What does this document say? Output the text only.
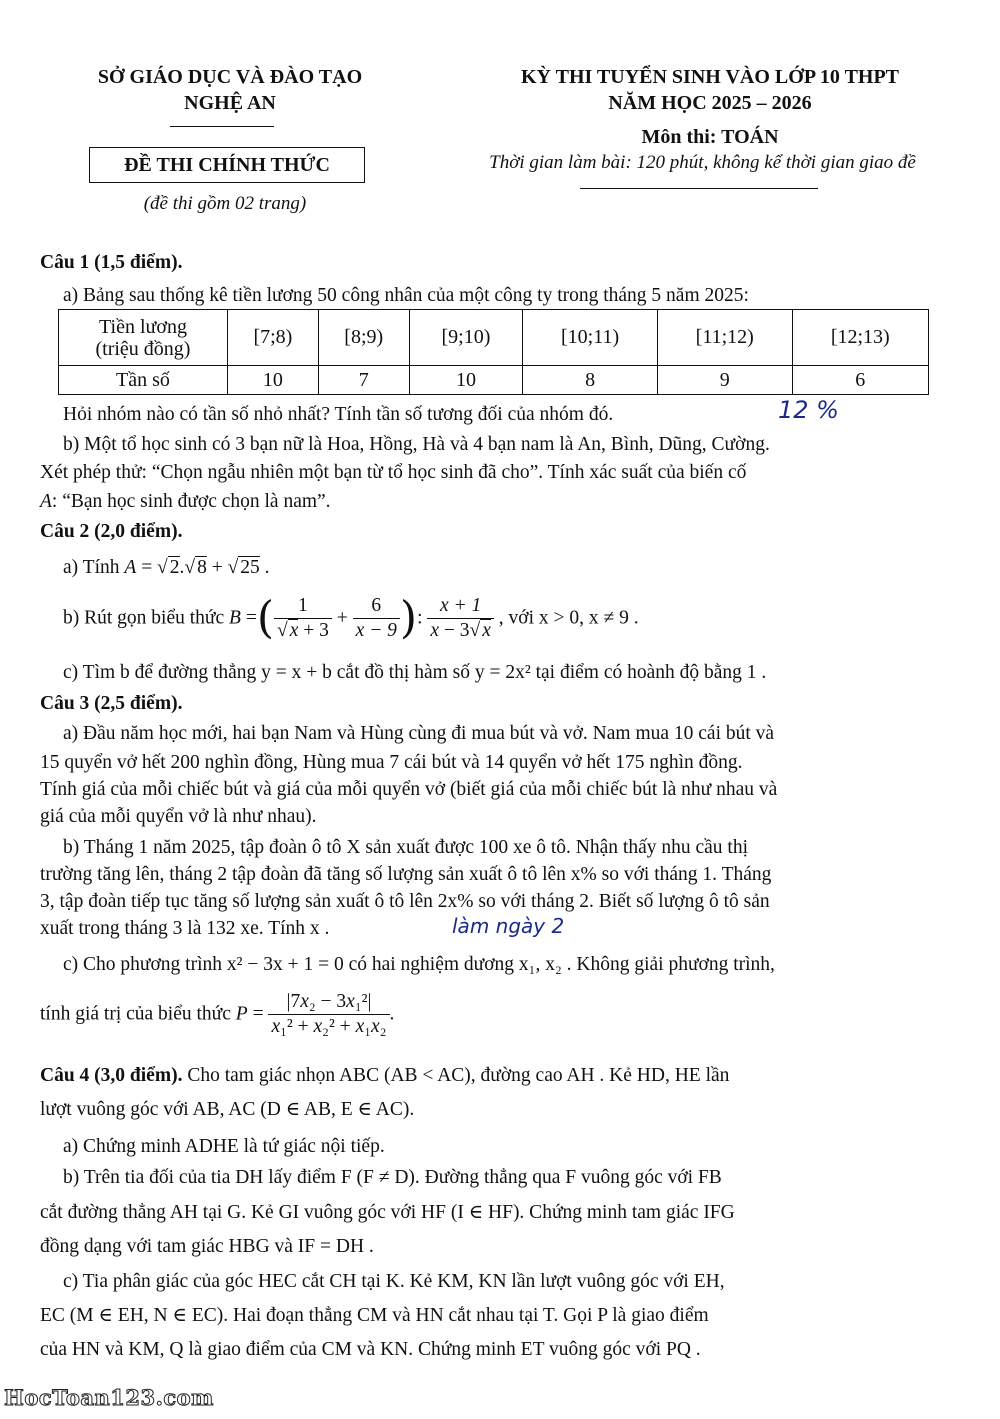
SỞ GIÁO DỤC VÀ ĐÀO TẠO
NGHỆ AN
KỲ THI TUYỂN SINH VÀO LỚP 10 THPT
NĂM HỌC 2025 – 2026
Môn thi: TOÁN
Thời gian làm bài: 120 phút, không kể thời gian giao đề
ĐỀ THI CHÍNH THỨC
(đề thi gồm 02 trang)
Câu 1 (1,5 điểm).
a) Bảng sau thống kê tiền lương 50 công nhân của một công ty trong tháng 5 năm 2025:
Tiền lương
(triệu đồng)	[7;8)	[8;9)	[9;10)	[10;11)	[11;12)	[12;13)
Tần số	10	7	10	8	9	6
Hỏi nhóm nào có tần số nhỏ nhất? Tính tần số tương đối của nhóm đó.	12 %
b) Một tổ học sinh có 3 bạn nữ là Hoa, Hồng, Hà và 4 bạn nam là An, Bình, Dũng, Cường.
Xét phép thử: “Chọn ngẫu nhiên một bạn từ tổ học sinh đã cho”. Tính xác suất của biến cố
A: “Bạn học sinh được chọn là nam”.
Câu 2 (2,0 điểm).
a) Tính A = √ 2.√ 8 + √ 25 .
b) Rút gọn biểu thức B =( $\frac{1}{√ x + 3} + \frac{6}{x - 9}$ ): $\frac{x + 1}{x - 3√ x}$ , với x > 0, x ≠ 9 .
c) Tìm b để đường thẳng y = x + b cắt đồ thị hàm số y = 2x² tại điểm có hoành độ bằng 1 .
Câu 3 (2,5 điểm).
a) Đầu năm học mới, hai bạn Nam và Hùng cùng đi mua bút và vở. Nam mua 10 cái bút và
15 quyển vở hết 200 nghìn đồng, Hùng mua 7 cái bút và 14 quyển vở hết 175 nghìn đồng.
Tính giá của mỗi chiếc bút và giá của mỗi quyển vở (biết giá của mỗi chiếc bút là như nhau và
giá của mỗi quyển vở là như nhau).
b) Tháng 1 năm 2025, tập đoàn ô tô X sản xuất được 100 xe ô tô. Nhận thấy nhu cầu thị
trường tăng lên, tháng 2 tập đoàn đã tăng số lượng sản xuất ô tô lên x% so với tháng 1. Tháng
3, tập đoàn tiếp tục tăng số lượng sản xuất ô tô lên 2x% so với tháng 2. Biết số lượng ô tô sản
xuất trong tháng 3 là 132 xe. Tính x .	làm ngày 2
c) Cho phương trình x² − 3x + 1 = 0 có hai nghiệm dương x₁, x₂ . Không giải phương trình,
tính giá trị của biểu thức $P = \frac{\text{|7x₂ − 3x₁²|}}{\text{x₁² + x₂² + x₁x₂}}$ .
Câu 4 (3,0 điểm). Cho tam giác nhọn ABC (AB < AC), đường cao AH . Kẻ HD, HE lần
lượt vuông góc với AB, AC (D ∈ AB, E ∈ AC).
a) Chứng minh ADHE là tứ giác nội tiếp.
b) Trên tia đối của tia DH lấy điểm F (F ≠ D). Đường thẳng qua F vuông góc với FB
cắt đường thẳng AH tại G. Kẻ GI vuông góc với HF (I ∈ HF). Chứng minh tam giác IFG
đồng dạng với tam giác HBG và IF = DH .
c) Tia phân giác của góc HEC cắt CH tại K. Kẻ KM, KN lần lượt vuông góc với EH,
EC (M ∈ EH, N ∈ EC). Hai đoạn thẳng CM và HN cắt nhau tại T. Gọi P là giao điểm
của HN và KM, Q là giao điểm của CM và KN. Chứng minh ET vuông góc với PQ .
HocToan123.com
